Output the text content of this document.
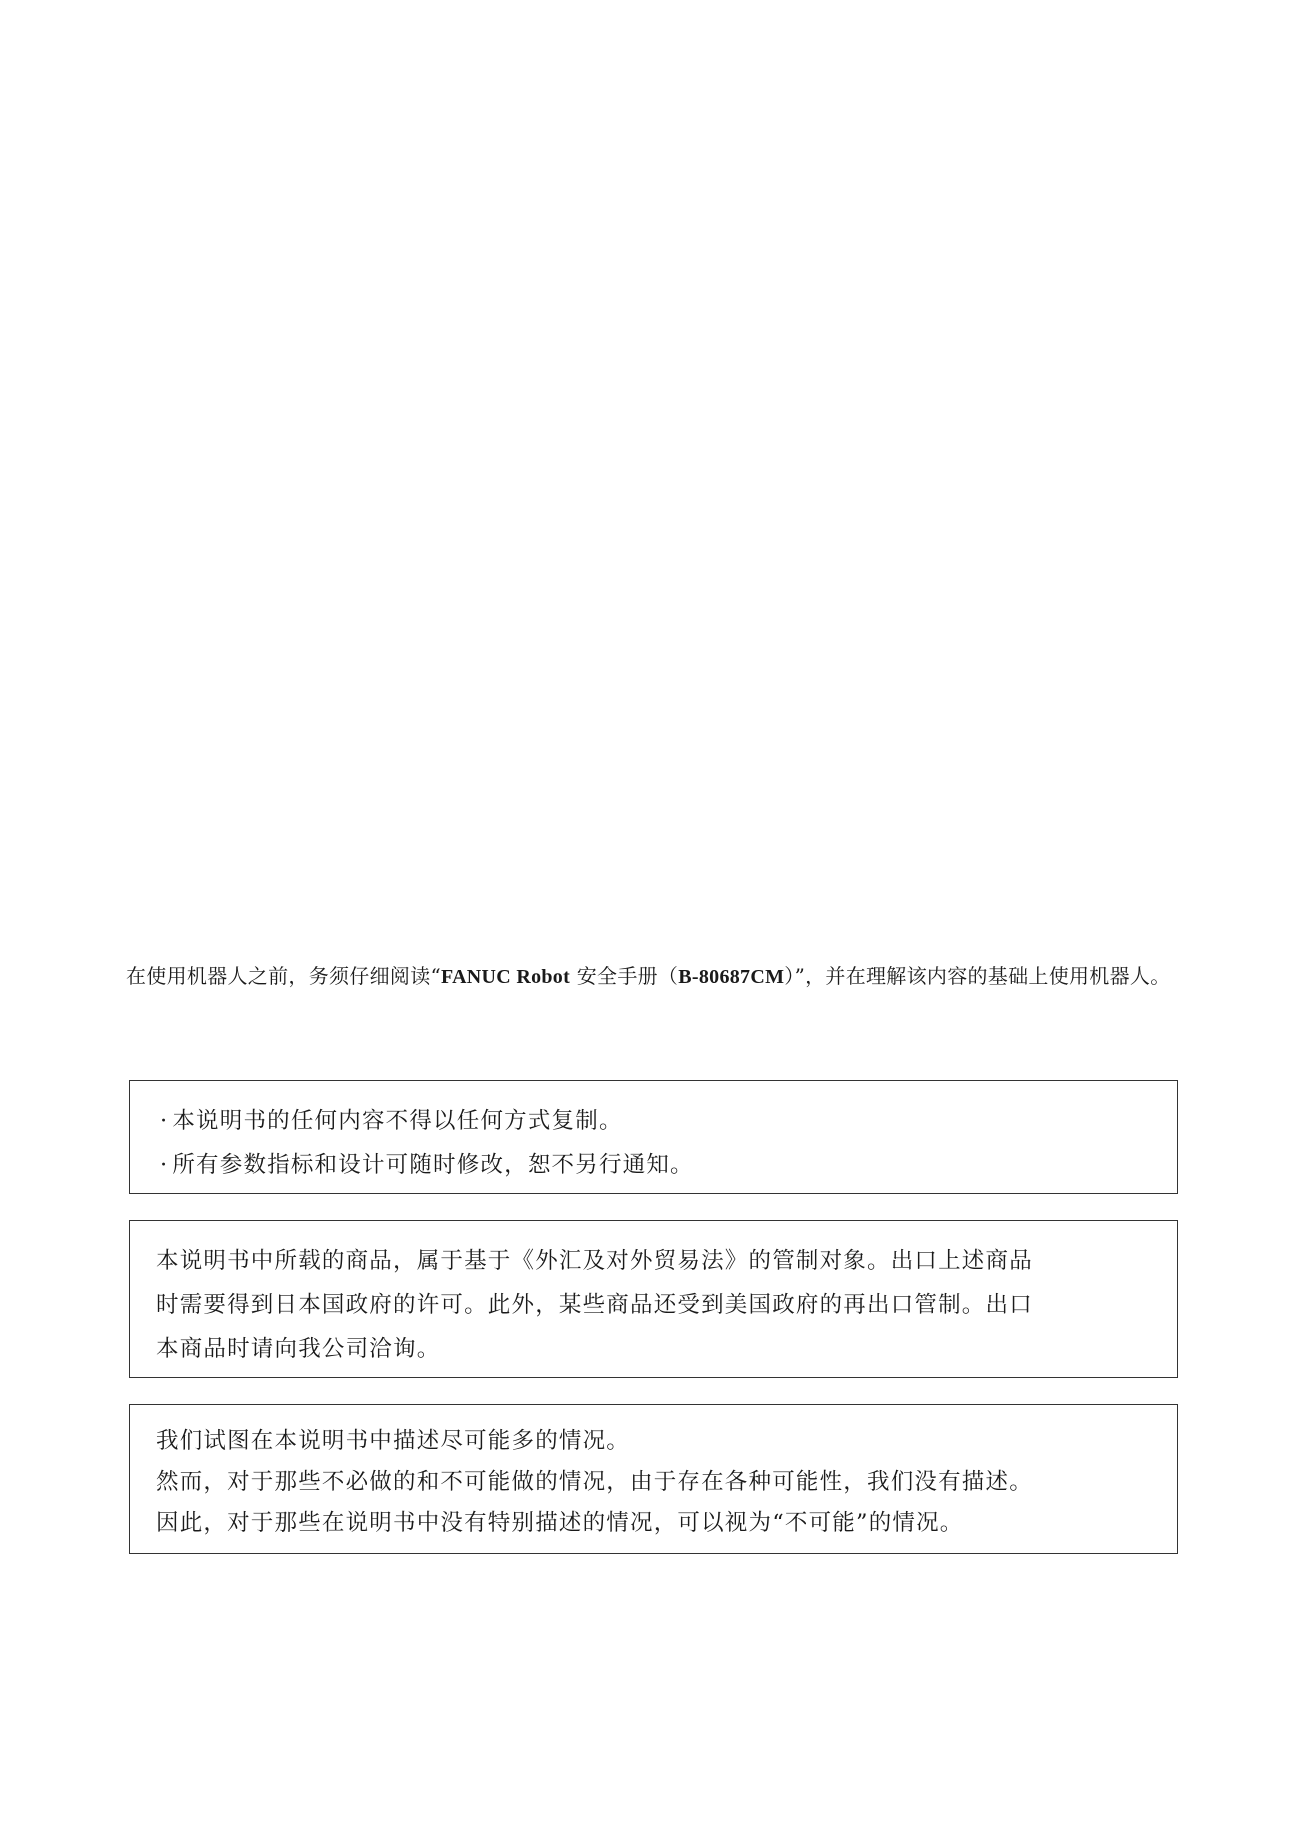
在使用机器人之前，务须仔细阅读“FANUC Robot 安全手册（B-80687CM）”，并在理解该内容的基础上使用机器人。
· 本说明书的任何内容不得以任何方式复制。
· 所有参数指标和设计可随时修改，恕不另行通知。
本说明书中所载的商品，属于基于《外汇及对外贸易法》的管制对象。出口上述商品
时需要得到日本国政府的许可。此外，某些商品还受到美国政府的再出口管制。出口
本商品时请向我公司洽询。
我们试图在本说明书中描述尽可能多的情况。
然而，对于那些不必做的和不可能做的情况，由于存在各种可能性，我们没有描述。
因此，对于那些在说明书中没有特别描述的情况，可以视为“不可能”的情况。
